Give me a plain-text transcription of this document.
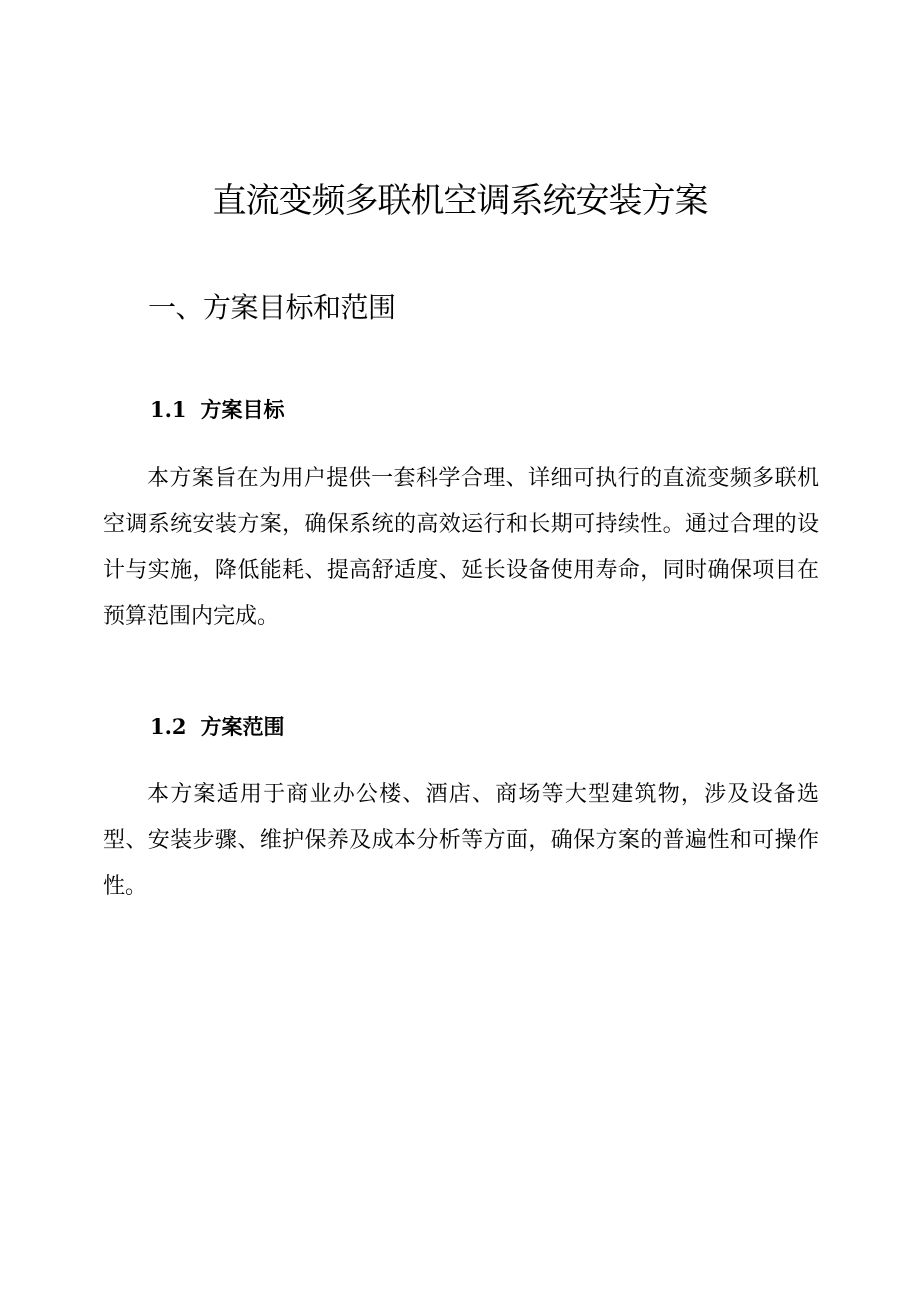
直流变频多联机空调系统安装方案
一、方案目标和范围
1.1 方案目标

本方案旨在为用户提供一套科学合理、详细可执行的直流变频多联机空调系统安装方案，确保系统的高效运行和长期可持续性。通过合理的设计与实施，降低能耗、提高舒适度、延长设备使用寿命，同时确保项目在预算范围内完成。

1.2 方案范围

本方案适用于商业办公楼、酒店、商场等大型建筑物，涉及设备选型、安装步骤、维护保养及成本分析等方面，确保方案的普遍性和可操作性。
